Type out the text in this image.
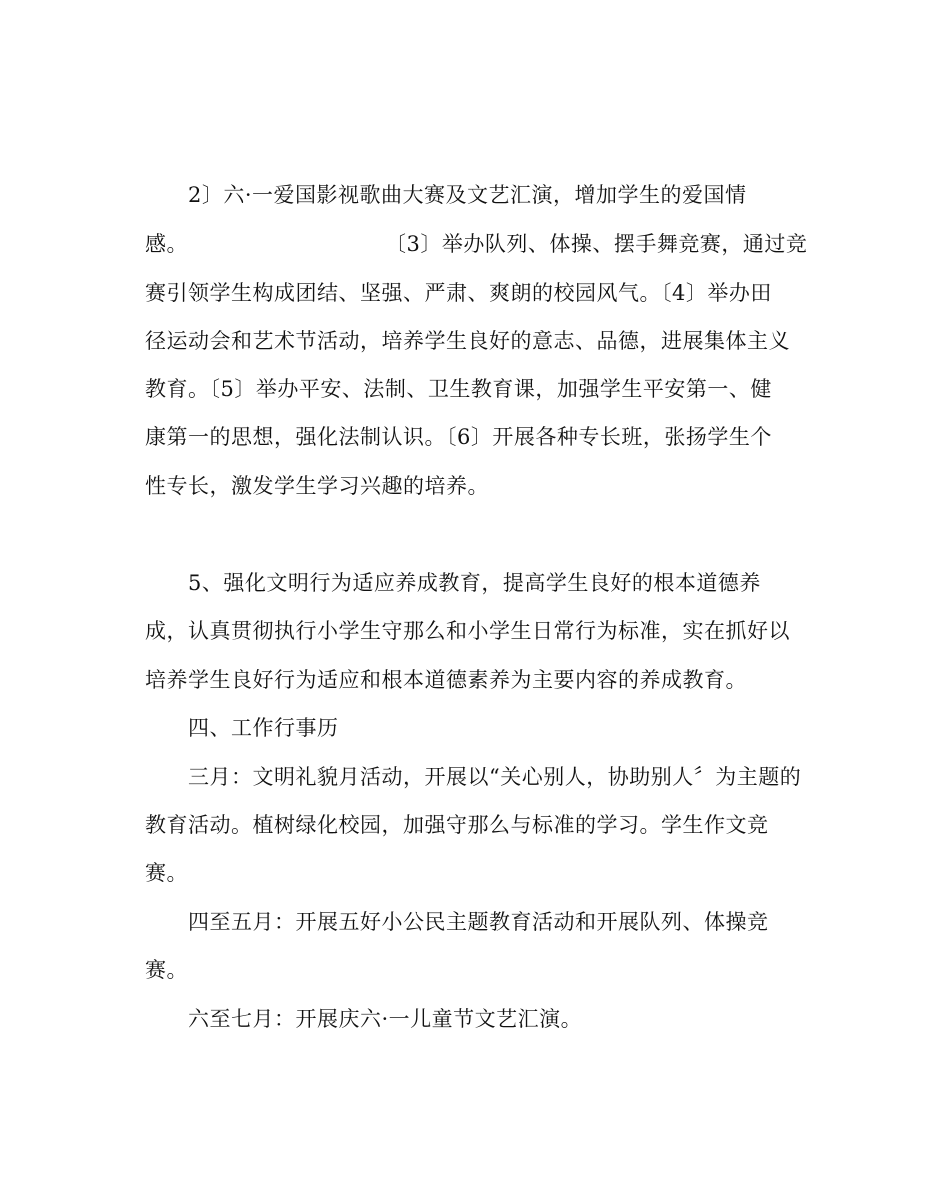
2〕六·一爱国影视歌曲大赛及文艺汇演，增加学生的爱国情
感。	〔3〕举办队列、体操、摆手舞竞赛，通过竞
赛引领学生构成团结、坚强、严肃、爽朗的校园风气。〔4〕举办田
径运动会和艺术节活动，培养学生良好的意志、品德，进展集体主义
教育。〔5〕举办平安、法制、卫生教育课，加强学生平安第一、健
康第一的思想，强化法制认识。〔6〕开展各种专长班，张扬学生个
性专长，激发学生学习兴趣的培养。
5、强化文明行为适应养成教育，提高学生良好的根本道德养
成，认真贯彻执行小学生守那么和小学生日常行为标准，实在抓好以
培养学生良好行为适应和根本道德素养为主要内容的养成教育。
四、工作行事历
三月：文明礼貌月活动，开展以“关心别人，协助别人〞为主题的
教育活动。植树绿化校园，加强守那么与标准的学习。学生作文竞
赛。
四至五月：开展五好小公民主题教育活动和开展队列、体操竞
赛。
六至七月：开展庆六·一儿童节文艺汇演。
